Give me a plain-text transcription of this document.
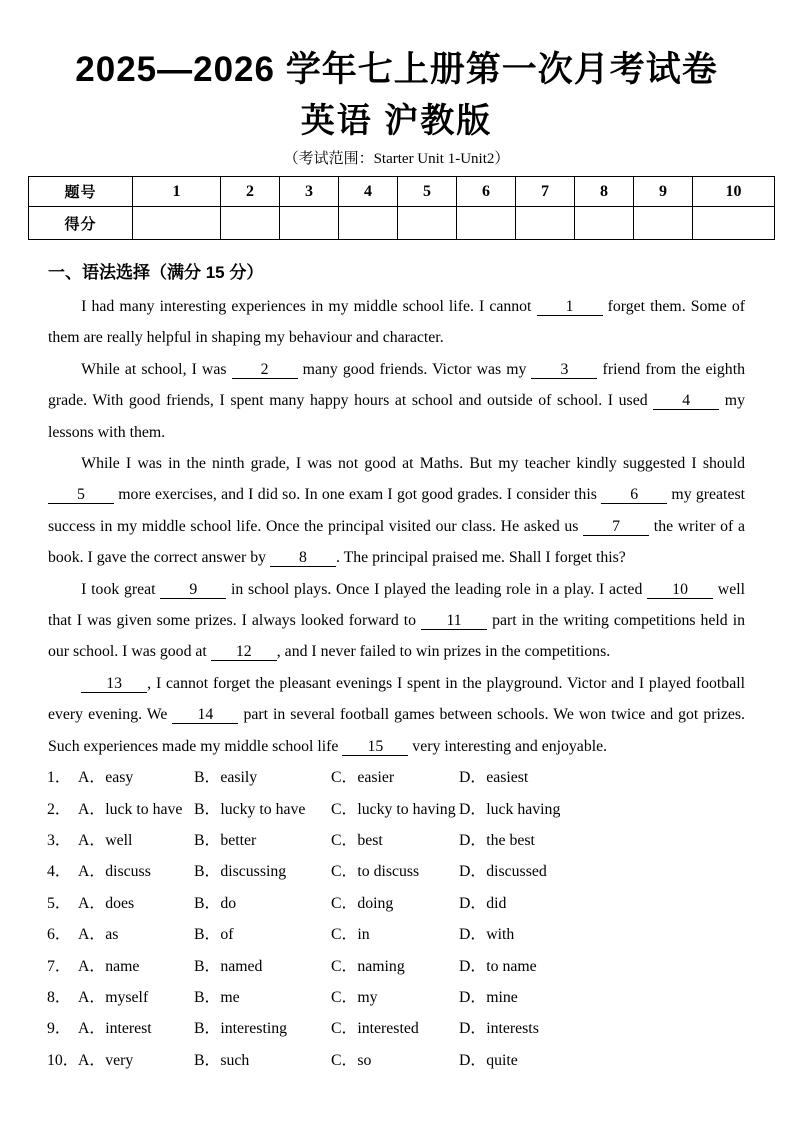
2025—2026 学年七上册第一次月考试卷
英语 沪教版
（考试范围：Starter Unit 1-Unit2）
题号	1	2	3	4	5	6	7	8	9	10
得分										
一、语法选择（满分 15 分）

I had many interesting experiences in my middle school life. I cannot 1 forget them. Some of them are really helpful in shaping my behaviour and character.

While at school, I was 2 many good friends. Victor was my 3 friend from the eighth grade. With good friends, I spent many happy hours at school and outside of school. I used 4 my lessons with them.

While I was in the ninth grade, I was not good at Maths. But my teacher kindly suggested I should 5 more exercises, and I did so. In one exam I got good grades. I consider this 6 my greatest success in my middle school life. Once the principal visited our class. He asked us 7 the writer of a book. I gave the correct answer by 8 . The principal praised me. Shall I forget this?

I took great 9 in school plays. Once I played the leading role in a play. I acted 10 well that I was given some prizes. I always looked forward to 11 part in the writing competitions held in our school. I was good at 12 , and I never failed to win prizes in the competitions.

13 , I cannot forget the pleasant evenings I spent in the playground. Victor and I played football every evening. We 14 part in several football games between schools. We won twice and got prizes. Such experiences made my middle school life 15 very interesting and enjoyable.

1． A．easy	B．easily	C．easier	D．easiest
2． A．luck to have B．lucky to have	C．lucky to having D．luck having
3． A．well	B．better	C．best	D．the best
4． A．discuss	B．discussing	C．to discuss	D．discussed
5． A．does	B．do	C．doing	D．did
6． A．as	B．of	C．in	D．with
7． A．name	B．named	C．naming	D．to name
8． A．myself	B．me	C．my	D．mine
9． A．interest	B．interesting	C．interested	D．interests
10． A．very	B．such	C．so	D．quite
